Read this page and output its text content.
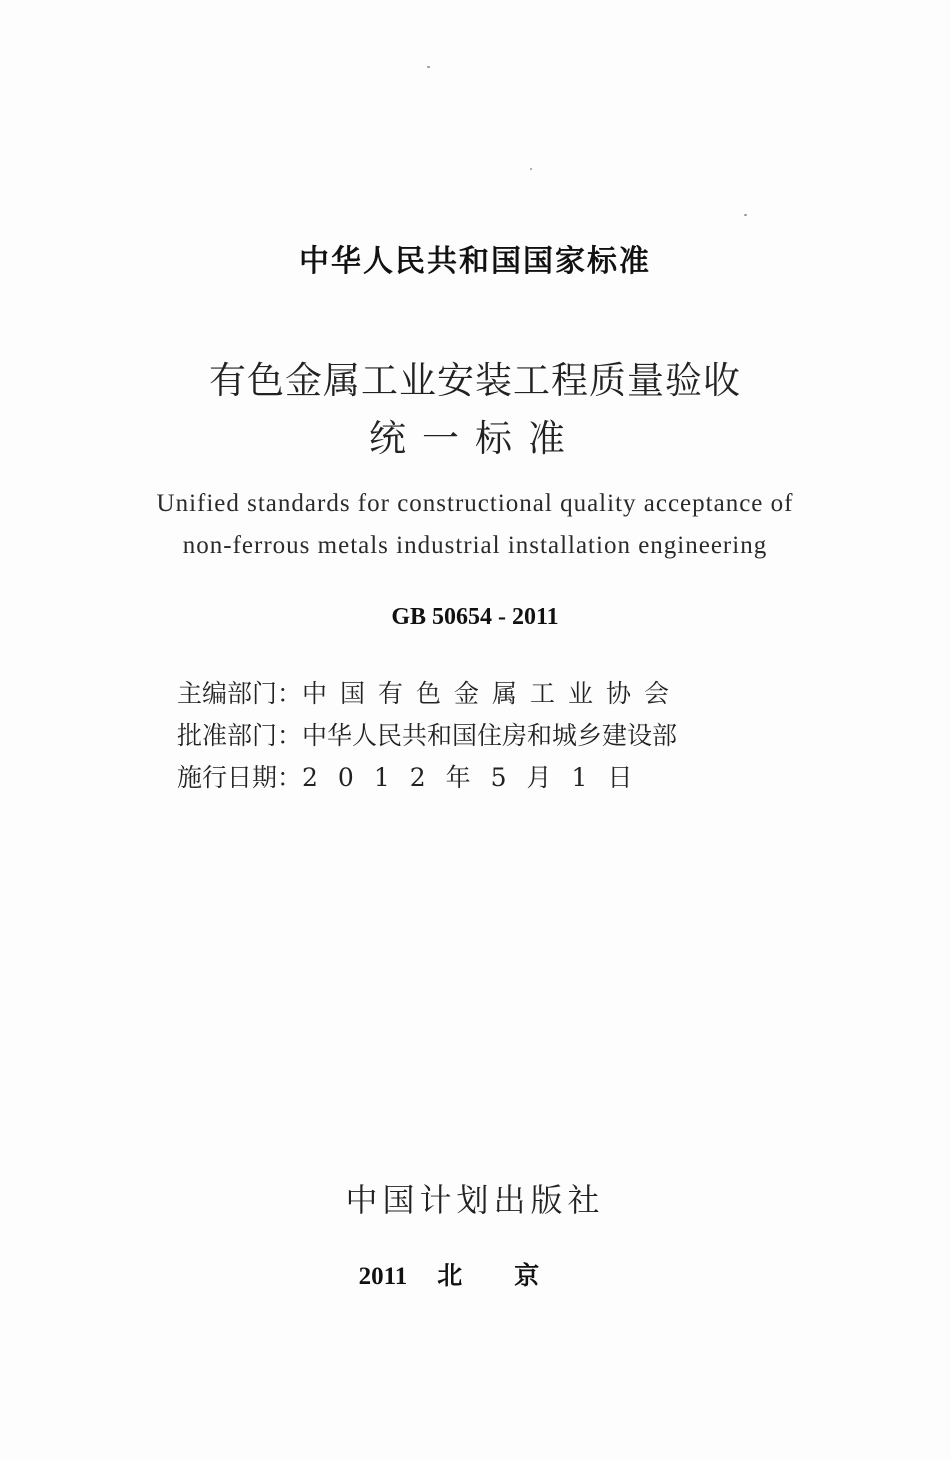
中华人民共和国国家标准
有色金属工业安装工程质量验收
统一标准
Unified standards for constructional quality acceptance of
non-ferrous metals industrial installation engineering
GB 50654 - 2011
主编部门：中国有色金属工业协会
批准部门：中华人民共和国住房和城乡建设部
施行日期：2012年5月1日
中国计划出版社
2011 北京
